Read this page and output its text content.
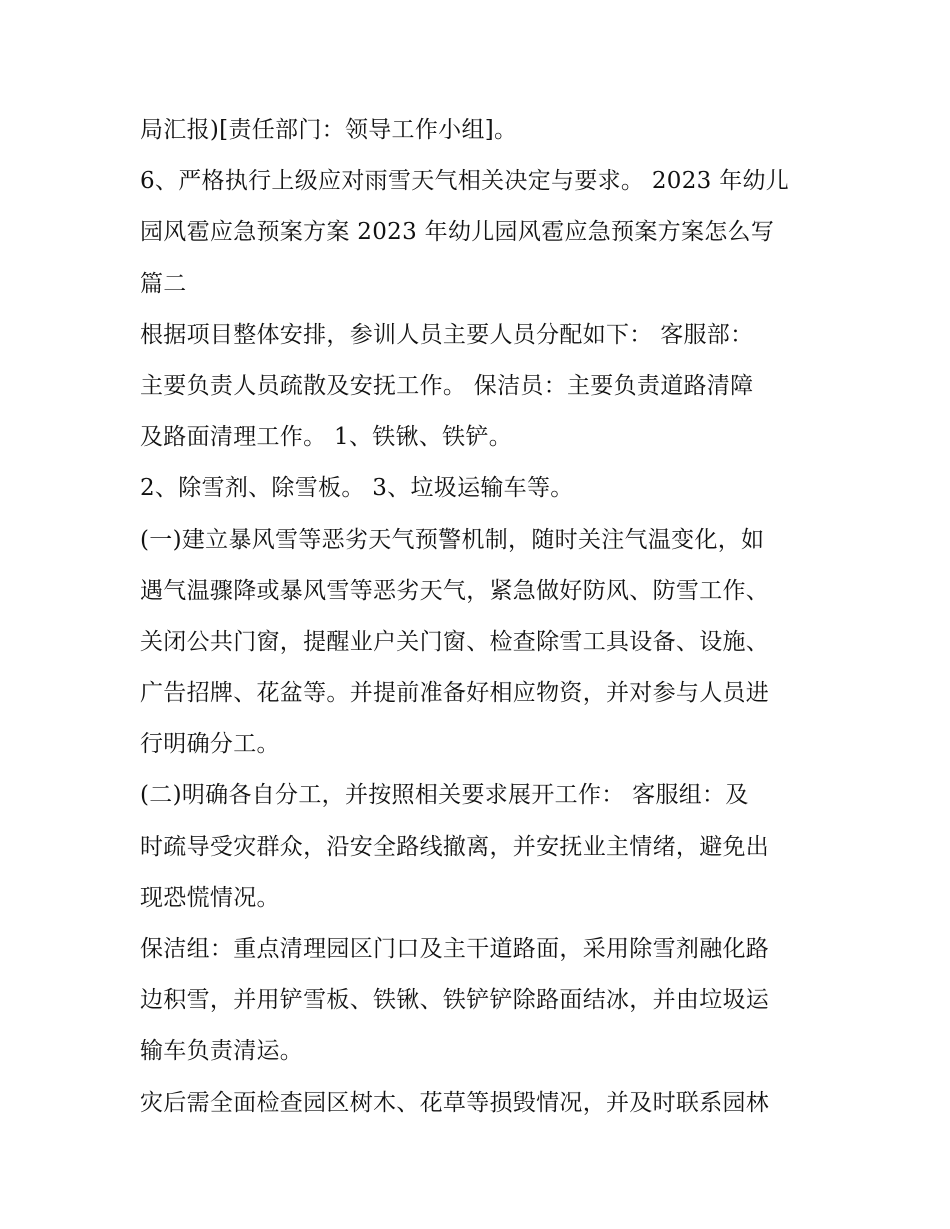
局汇报)[责任部门：领导工作小组]。
6、严格执行上级应对雨雪天气相关决定与要求。 2023 年幼儿
园风雹应急预案方案 2023 年幼儿园风雹应急预案方案怎么写
篇二
根据项目整体安排，参训人员主要人员分配如下： 客服部：
主要负责人员疏散及安抚工作。 保洁员：主要负责道路清障
及路面清理工作。 1、铁锹、铁铲。
2、除雪剂、除雪板。 3、垃圾运输车等。
(一)建立暴风雪等恶劣天气预警机制，随时关注气温变化，如
遇气温骤降或暴风雪等恶劣天气，紧急做好防风、防雪工作、
关闭公共门窗，提醒业户关门窗、检查除雪工具设备、设施、
广告招牌、花盆等。并提前准备好相应物资，并对参与人员进
行明确分工。
(二)明确各自分工，并按照相关要求展开工作： 客服组：及
时疏导受灾群众，沿安全路线撤离，并安抚业主情绪，避免出
现恐慌情况。
保洁组：重点清理园区门口及主干道路面，采用除雪剂融化路
边积雪，并用铲雪板、铁锹、铁铲铲除路面结冰，并由垃圾运
输车负责清运。
灾后需全面检查园区树木、花草等损毁情况，并及时联系园林
